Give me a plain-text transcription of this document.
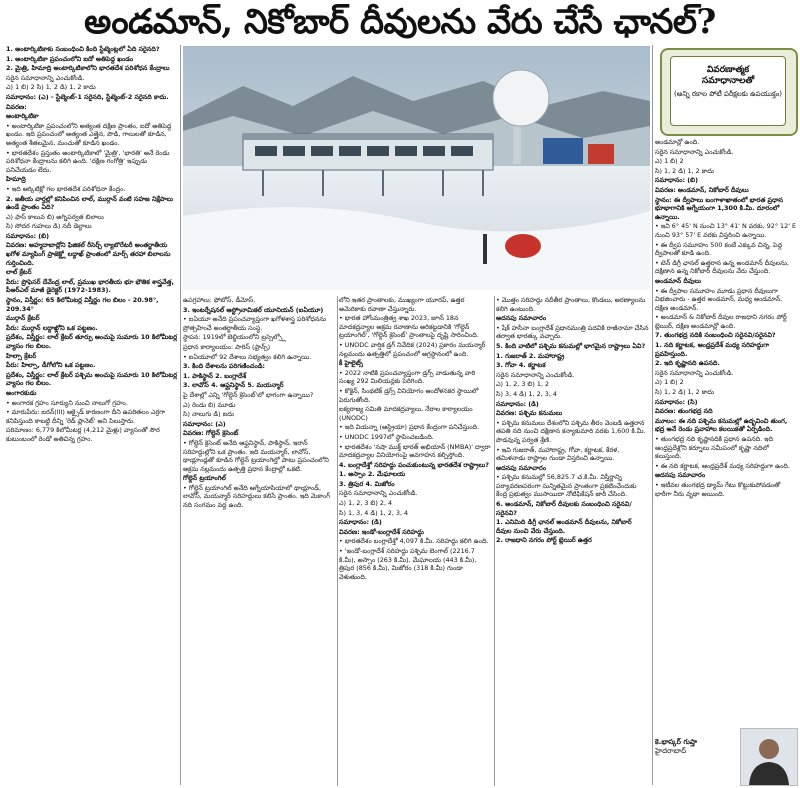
అండమాన్, నికోబార్ దీవులను వేరు చేసే ఛానల్?
వివరణాత్మక
సమాధానాలతో
(అన్ని రకాల పోటీ పరీక్షలకు ఉపయుక్తం)
1. అంటార్కిటికాకు సంబంధించి కింది స్టేట్మెంట్లలో ఏది సరైనది?
1. అంటార్కిటికా ప్రపంచంలోని ఐదో అతిపెద్ద ఖండం
2. మైత్రి, హిమాద్రి అంటార్కిటికాలోని భారతదేశ పరిశోధన కేంద్రాలు
సరైన సమాధానాన్ని ఎంచుకోండి.
ఎ) 1 బి) 2 సి) 1, 2 డి) 1, 2 కాదు
సమాధానం: (ఎ) - స్టేట్మెంట్-1 సరైనది, స్టేట్మెంట్-2 సరైనది కాదు.
వివరణ:
అంటార్కిటికా
• అంటార్కిటికా ప్రపంచంలోని అత్యంత దక్షిణ ప్రాంతం, ఐదో అతిపెద్ద ఖండం. ఇది ప్రపంచంలో అత్యంత ఎత్తైన, పొడి, గాలులతో కూడిన, అత్యంత శీతలమైన, మంచుతో కూడిన ఖండం.
• భారతదేశం ప్రస్తుతం అంటార్కిటికాలో 'మైత్రి', 'భారతి' అనే రెండు పరిశోధనా కేంద్రాలను కలిగి ఉంది. 'దక్షిణ గంగోత్రి' ఇప్పుడు పనిచేయడం లేదు.
హిమాద్రి
• ఇది ఆర్కిటిక్లో గల భారతదేశ పరిశోధనా కేంద్రం.
2. జతీయ వార్తల్లో కనిపించిన లాల్, ముర్గాన్ వంటి సహజ నిక్షేపాలు ఉండే ప్రాంతం ఏది?
ఎ) ఫాస్ కాలువ బి) అగ్నిపర్వత బిలాలు
సి) సోదర గుహలు డి) నదీ డెల్టాలు
సమాధానం: (బి)
వివరణ: అహ్మదాబాద్లోని ఫిజికల్ రీసెర్చ్ ల్యాబొరేటరీ అంతర్జాతీయ ఖగోళ మ్యాపింగ్ ప్రాజెక్ట్లో లద్దాఖ్ ప్రాంతంలో మార్స్ తరహా బిలాలను గుర్తించింది.
లాల్ క్రేటర్
పేరు: ప్రొఫెసర్ దేవేంద్ర లాల్, ప్రముఖ భారతీయ భూ భౌతిక శాస్త్రవేత్త, పీఆర్ఎల్ మాజీ డైరెక్టర్ (1972-1983).
స్థానం, విస్తీర్ణం: 65 కిలోమీటర్ల విస్తీర్ణం గల బిలం - 20.98°, 209.34°
ముర్గాన్ క్రేటర్
పేరు: ముర్గాన్ లద్దాఖ్లోని ఒక పట్టణం.
ప్రదేశం, విస్తీర్ణం: లాల్ క్రేటర్ తూర్పు అంచుపై సుమారు 10 కిలోమీటర్ల వ్యాసం గల బిలం.
హిల్సా క్రేటర్
పేరు: హిల్సా, డీగోలోని ఒక పట్టణం.
ప్రదేశం, విస్తీర్ణం: లాల్ క్రేటర్ పశ్చిమ అంచుపై సుమారు 10 కిలోమీటర్ల వ్యాసం గల బిలం.
అంగారకుడు
• అంగారక గ్రహం సూర్యుని నుంచి నాలుగో గ్రహం.
• మారుపేరు: ఐరన్(III) ఆక్సైడ్ కారణంగా దీని ఉపరితలం ఎర్రగా కనిపిస్తుంది కాబట్టి దీన్ని 'రెడ్ ప్లానెట్' అని పిలుస్తారు.
పరిమాణం: 6,779 కిలోమీటర్ల (4,212 మైళ్లు) వ్యాసంతో సౌర కుటుంబంలో రెండో అతిచిన్న గ్రహం.
ఉపగ్రహాలు: ఫోబోస్, డీమోస్.
3. ఇంటర్నేషనల్ ఆస్ట్రోనామికల్ యూనియన్ (ఐఏయూ)
• ఐఏయూ అనేది ప్రపంచవ్యాప్తంగా ఖగోళశాస్త్ర పరిశోధనను ప్రోత్సహించే అంతర్జాతీయ సంస్థ.
స్థాపన: 1919లో బెల్జియంలోని బ్రస్సెల్స్లో
ప్రధాన కార్యాలయం: పారిస్ (ఫ్రాన్స్)
• ఐఏయూలో 92 దేశాలు సభ్యత్వం కలిగి ఉన్నాయి.
3. కింది దేశాలను పరిగణించండి:
1. పాకిస్థాన్ 2. బంగ్లాదేశ్
3. లావోస్ 4. ఆఫ్ఘనిస్థాన్ 5. మయన్మార్
పై దేశాల్లో ఎన్ని 'గోల్డెన్ క్రెసెంట్'లో భాగంగా ఉన్నాయి?
ఎ) రెండు బి) మూడు
సి) నాలుగు డి) ఐదు
సమాధానం: (ఎ)
వివరణ: గోల్డెన్ క్రెసెంట్
• గోల్డెన్ క్రెసెంట్ అనేది ఆఫ్ఘనిస్థాన్, పాకిస్థాన్, ఇరాన్ సరిహద్దుల్లోని ఒక ప్రాంతం. ఇది మయన్మార్, లావోస్, థాయ్లాండ్లతో కూడిన గోల్డెన్ ట్రయాంగిల్తో పాటు ప్రపంచంలోని అక్రమ నల్లమందు ఉత్పత్తి ప్రధాన కేంద్రాల్లో ఒకటి.
గోల్డెన్ ట్రయాంగిల్
• గోల్డెన్ ట్రయాంగిల్ అనేది ఆగ్నేయాసియాలో థాయ్లాండ్, లావోస్, మయన్మార్ సరిహద్దులు కలిసే ప్రాంతం. ఇది మెకాంగ్ నది సంగమం వద్ద ఉంది.
లోని ఇతర ప్రాంతాలకు, ముఖ్యంగా యూరప్, ఉత్తర అమెరికాకు రవాణా చేస్తున్నారు.
• భారత హోంమంత్రిత్వ శాఖ 2023, జూన్ 18న మాదకద్రవ్యాల అక్రమ రవాణాను అరికట్టడానికి 'గోల్డెన్ ట్రయాంగిల్', 'గోల్డెన్ క్రెసెంట్' ప్రాంతాలపై దృష్టి సారించింది.
• UNODC వార్షిక డ్రగ్ నివేదిక (2024) ప్రకారం మయన్మార్ నల్లమందు ఉత్పత్తిలో ప్రపంచంలో అగ్రస్థానంలో ఉంది.
కీ హైలైట్స్
• 2022 నాటికి ప్రపంచవ్యాప్తంగా డ్రగ్స్ వాడుతున్న వారి సంఖ్య 292 మిలియన్లకు పెరిగింది.
• కొకైన్, సింథటిక్ డ్రగ్స్ వినియోగం ఆందోళనకర స్థాయిలో పెరుగుతోంది.
ఐక్యరాజ్య సమితి మాదకద్రవ్యాలు, నేరాల కార్యాలయం (UNODC)
• ఇది వియన్నా (ఆస్ట్రియా) ప్రధాన కేంద్రంగా పనిచేస్తుంది.
• UNODC 1997లో స్థాపించబడింది.
• భారతదేశం 'నషా ముక్త్ భారత్ అభియాన్ (NMBA)' ద్వారా మాదకద్రవ్యాల వినియోగంపై అవగాహన కల్పిస్తోంది.
4. బంగ్లాదేశ్తో సరిహద్దు పంచుకుంటున్న భారతదేశ రాష్ట్రాలు?
1. అస్సాం 2. మేఘాలయ
3. త్రిపుర 4. మిజోరం
సరైన సమాధానాన్ని ఎంచుకోండి.
ఎ) 1, 2, 3 బి) 2, 4
సి) 1, 3, 4 డి) 1, 2, 3, 4
సమాధానం: (డి)
వివరణ: ఇండో-బంగ్లాదేశ్ సరిహద్దు
• భారతదేశం బంగ్లాదేశ్తో 4,097 కి.మీ. సరిహద్దు కలిగి ఉంది.
• 'ఇండో-బంగ్లాదేశ్ సరిహద్దు పశ్చిమ బెంగాల్ (2216.7 కి.మీ), అస్సాం (263 కి.మీ), మేఘాలయ (443 కి.మీ), త్రిపుర (856 కి.మీ), మిజోరం (318 కి.మీ) గుండా వెళుతుంది.
• మొత్తం సరిహద్దు నదీతీర ప్రాంతాలు, కొండలు, అరణ్యాలను కలిగి ఉంటుంది.
అదనపు సమాచారం
• షేక్ హసీనా బంగ్లాదేశ్ ప్రధానమంత్రి పదవికి రాజీనామా చేసిన తర్వాత భారత్కు వచ్చారు.
5. కింది వాటిలో పశ్చిమ కనుమల్లో భాగమైన రాష్ట్రాలు ఏవి?
1. గుజరాత్ 2. మహారాష్ట్ర
3. గోవా 4. కర్ణాటక
సరైన సమాధానాన్ని ఎంచుకోండి.
ఎ) 1, 2, 3 బి) 1, 2
సి) 3, 4 డి) 1, 2, 3, 4
సమాధానం: (డి)
వివరణ: పశ్చిమ కనుమలు
• పశ్చిమ కనుమలు దేశంలోని పశ్చిమ తీరం వెంబడి ఉత్తరాన తపతి నది నుంచి దక్షిణాన కన్యాకుమారి వరకు 1,600 కి.మీ. పొడవున్న పర్వత శ్రేణి.
• ఇవి గుజరాత్, మహారాష్ట్ర, గోవా, కర్ణాటక, కేరళ, తమిళనాడు రాష్ట్రాల గుండా విస్తరించి ఉన్నాయి.
అదనపు సమాచారం
• పశ్చిమ కనుమల్లో 56,825.7 చ.కి.మీ. విస్తీర్ణాన్ని పర్యావరణపరంగా సున్నితమైన ప్రాంతంగా ప్రకటించేందుకు కేంద్ర ప్రభుత్వం ముసాయిదా నోటిఫికేషన్ జారీ చేసింది.
6. అండమాన్, నికోబార్ దీవులకు సంబంధించి సరైనవి/సరైనవి?
1. ఎనిమిది డిగ్రీ ఛానల్ అండమాన్ దీవులను, నికోబార్ దీవుల నుంచి వేరు చేస్తుంది.
2. రాజధాని నగరం పోర్ట్ బ్లెయిర్ ఉత్తర
అండమాన్లో ఉంది.
సరైన సమాధానాన్ని ఎంచుకోండి.
ఎ) 1 బి) 2
సి) 1, 2 డి) 1, 2 కాదు
సమాధానం: (బి)
వివరణ: అండమాన్, నికోబార్ దీవులు
స్థానం: ఈ ద్వీపాలు బంగాళాఖాతంలో భారత ప్రధాన భూభాగానికి ఆగ్నేయంగా 1,300 కి.మీ. దూరంలో ఉన్నాయి.
• ఇవి 6° 45' N నుంచి 13° 41' N వరకు, 92° 12' E నుంచి 93° 57' E వరకు విస్తరించి ఉన్నాయి.
• ఈ ద్వీప సమూహం 500 కంటే ఎక్కువ చిన్న, పెద్ద ద్వీపాలతో కూడి ఉంది.
• టెన్ డిగ్రీ ఛానల్ ఉత్తరాన ఉన్న అండమాన్ దీవులను, దక్షిణాన ఉన్న నికోబార్ దీవులను వేరు చేస్తుంది.
అండమాన్ దీవులు
• ఈ ద్వీపాల సమూహం మూడు ప్రధాన దీవులుగా విభజించారు - ఉత్తర అండమాన్, మధ్య అండమాన్, దక్షిణ అండమాన్.
• అండమాన్ & నికోబార్ దీవుల రాజధాని నగరం పోర్ట్ బ్లెయిర్, దక్షిణ అండమాన్లో ఉంది.
7. తుంగభద్ర నదికి సంబంధించి సరైనవి/సరైనవి?
1. నది కర్ణాటక, ఆంధ్రప్రదేశ్ మధ్య సరిహద్దుగా ప్రవహిస్తుంది.
2. ఇది కృష్ణానది ఉపనది.
సరైన సమాధానాన్ని ఎంచుకోండి.
ఎ) 1 బి) 2
సి) 1, 2 డి) 1, 2 కాదు
సమాధానం: (సి)
వివరణ: తుంగభద్ర నది
మూలం: ఈ నది పశ్చిమ కనుమల్లో ఉద్భవించి తుంగ, భద్ర అనే రెండు ప్రవాహాల కలయికతో ఏర్పడింది.
• తుంగభద్ర నది కృష్ణానదికి ప్రధాన ఉపనది. ఇది ఆంధ్రప్రదేశ్లోని కర్నూలు సమీపంలో కృష్ణా నదిలో కలుస్తుంది.
• ఈ నది కర్ణాటక, ఆంధ్రప్రదేశ్ మధ్య సరిహద్దుగా ఉంది.
అదనపు సమాచారం
• ఇటీవల తుంగభద్ర డ్యామ్ గేటు కొట్టుకుపోవడంతో భారీగా నీరు వృథా అయింది.
కె.భాస్కర్ గుప్తా
హైదరాబాద్
